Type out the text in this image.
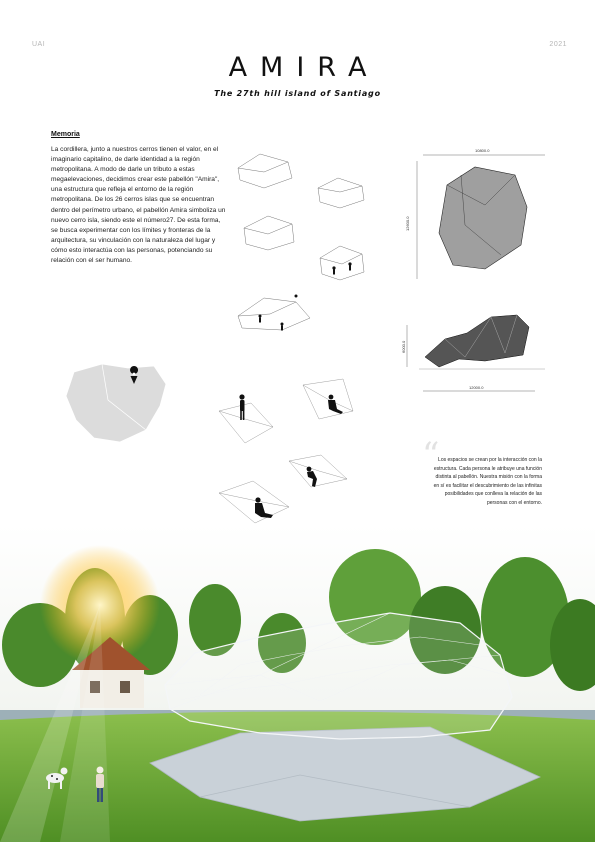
UAI	2021
AMIRA
The 27th hill island of Santiago
Memoria
La cordillera, junto a nuestros cerros tienen el valor, en el imaginario capitalino, de darle identidad a la región metropolitana. A modo de darle un tributo a estas megaelevaciones, decidimos crear este pabellón "Amira", una estructura que refleja el entorno de la región metropolitana. De los 26 cerros islas que se encuentran dentro del perímetro urbano, el pabellón Amira simboliza un nuevo cerro isla, siendo este el número27. De esta forma, se busca experimentar con los límites y fronteras de la arquitectura, su vinculación con la naturaleza del lugar y cómo esto interactúa con las personas, potenciando su relación con el ser humano.
10800.0
12600.0
6000.0
12000.0
“
Los espacios se crean por la interacción con la estructura. Cada persona le atribuye una función distinta al pabellón. Nuestra misión con la forma en sí es facilitar el descubrimiento de las infinitas posibilidades que conlleva la relación de las personas con el entorno.
